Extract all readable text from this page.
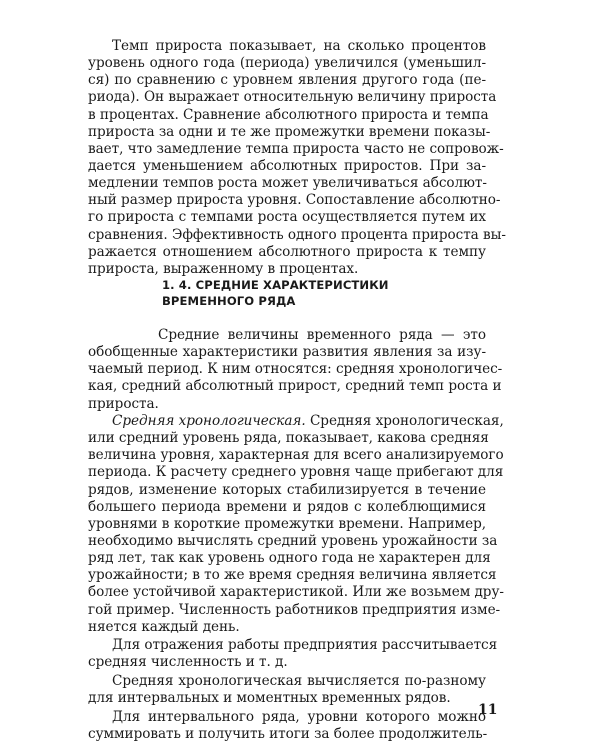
Темп прироста показывает, на сколько процентов
уровень одного года (периода) увеличился (уменьшил-
ся) по сравнению с уровнем явления другого года (пе-
риода). Он выражает относительную величину прироста
в процентах. Сравнение абсолютного прироста и темпа
прироста за одни и те же промежутки времени показы-
вает, что замедление темпа прироста часто не сопровож-
дается уменьшением абсолютных приростов. При за-
медлении темпов роста может увеличиваться абсолют-
ный размер прироста уровня. Сопоставление абсолютно-
го прироста с темпами роста осуществляется путем их
сравнения. Эффективность одного процента прироста вы-
ражается отношением абсолютного прироста к темпу
прироста, выраженному в процентах.
1. 4. СРЕДНИЕ ХАРАКТЕРИСТИКИ
ВРЕМЕННОГО РЯДА
Средние величины временного ряда — это
обобщенные характеристики развития явления за изу-
чаемый период. К ним относятся: средняя хронологичес-
кая, средний абсолютный прирост, средний темп роста и
прироста.
Средняя хронологическая. Средняя хронологическая,
или средний уровень ряда, показывает, какова средняя
величина уровня, характерная для всего анализируемого
периода. К расчету среднего уровня чаще прибегают для
рядов, изменение которых стабилизируется в течение
большего периода времени и рядов с колеблющимися
уровнями в короткие промежутки времени. Например,
необходимо вычислять средний уровень урожайности за
ряд лет, так как уровень одного года не характерен для
урожайности; в то же время средняя величина является
более устойчивой характеристикой. Или же возьмем дру-
гой пример. Численность работников предприятия изме-
няется каждый день.
Для отражения работы предприятия рассчитывается
средняя численность и т. д.
Средняя хронологическая вычисляется по-разному
для интервальных и моментных временных рядов.
Для интервального ряда, уровни которого можно
суммировать и получить итоги за более продолжитель-
11
